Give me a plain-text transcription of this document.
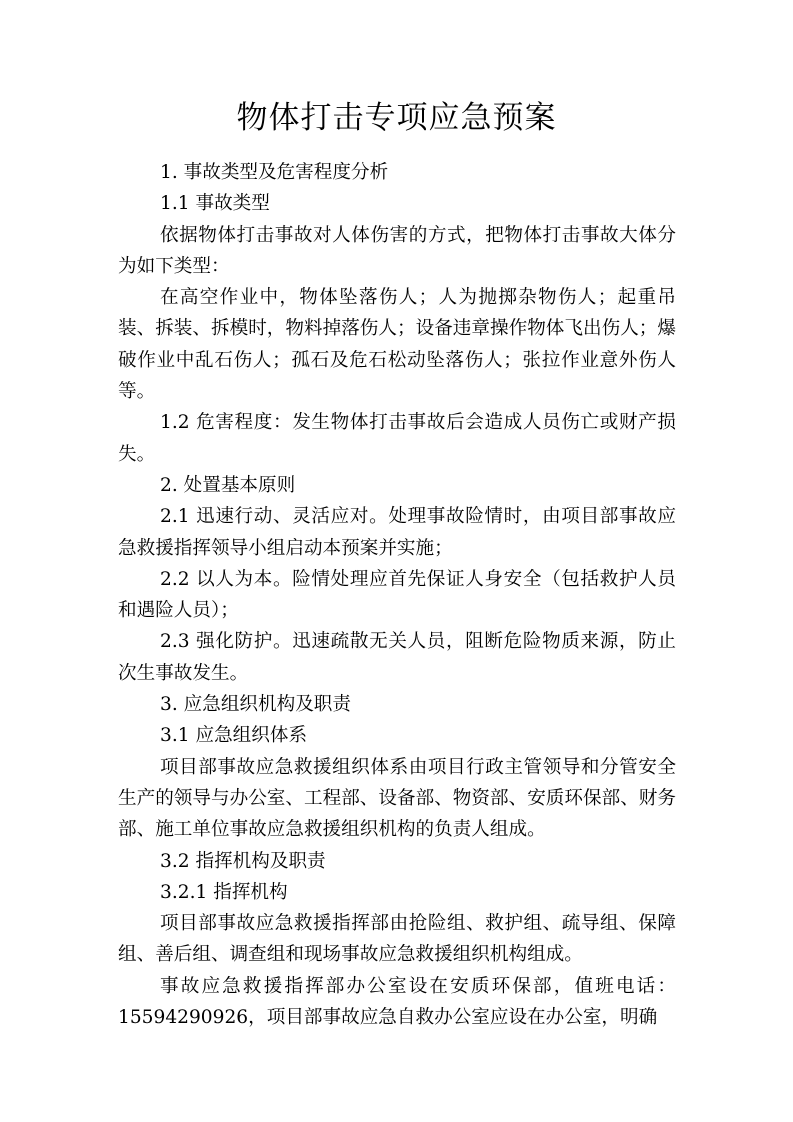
物体打击专项应急预案

1. 事故类型及危害程度分析

1.1 事故类型

依据物体打击事故对人体伤害的方式，把物体打击事故大体分为如下类型：

在高空作业中，物体坠落伤人；人为抛掷杂物伤人；起重吊装、拆装、拆模时，物料掉落伤人；设备违章操作物体飞出伤人；爆破作业中乱石伤人；孤石及危石松动坠落伤人；张拉作业意外伤人等。

1.2 危害程度：发生物体打击事故后会造成人员伤亡或财产损失。

2. 处置基本原则

2.1 迅速行动、灵活应对。处理事故险情时，由项目部事故应急救援指挥领导小组启动本预案并实施；

2.2 以人为本。险情处理应首先保证人身安全（包括救护人员和遇险人员）；

2.3 强化防护。迅速疏散无关人员，阻断危险物质来源，防止次生事故发生。

3. 应急组织机构及职责

3.1 应急组织体系

项目部事故应急救援组织体系由项目行政主管领导和分管安全生产的领导与办公室、工程部、设备部、物资部、安质环保部、财务部、施工单位事故应急救援组织机构的负责人组成。

3.2 指挥机构及职责

3.2.1 指挥机构

项目部事故应急救援指挥部由抢险组、救护组、疏导组、保障组、善后组、调查组和现场事故应急救援组织机构组成。

事故应急救援指挥部办公室设在安质环保部，值班电话：15594290926，项目部事故应急自救办公室应设在办公室，明确
